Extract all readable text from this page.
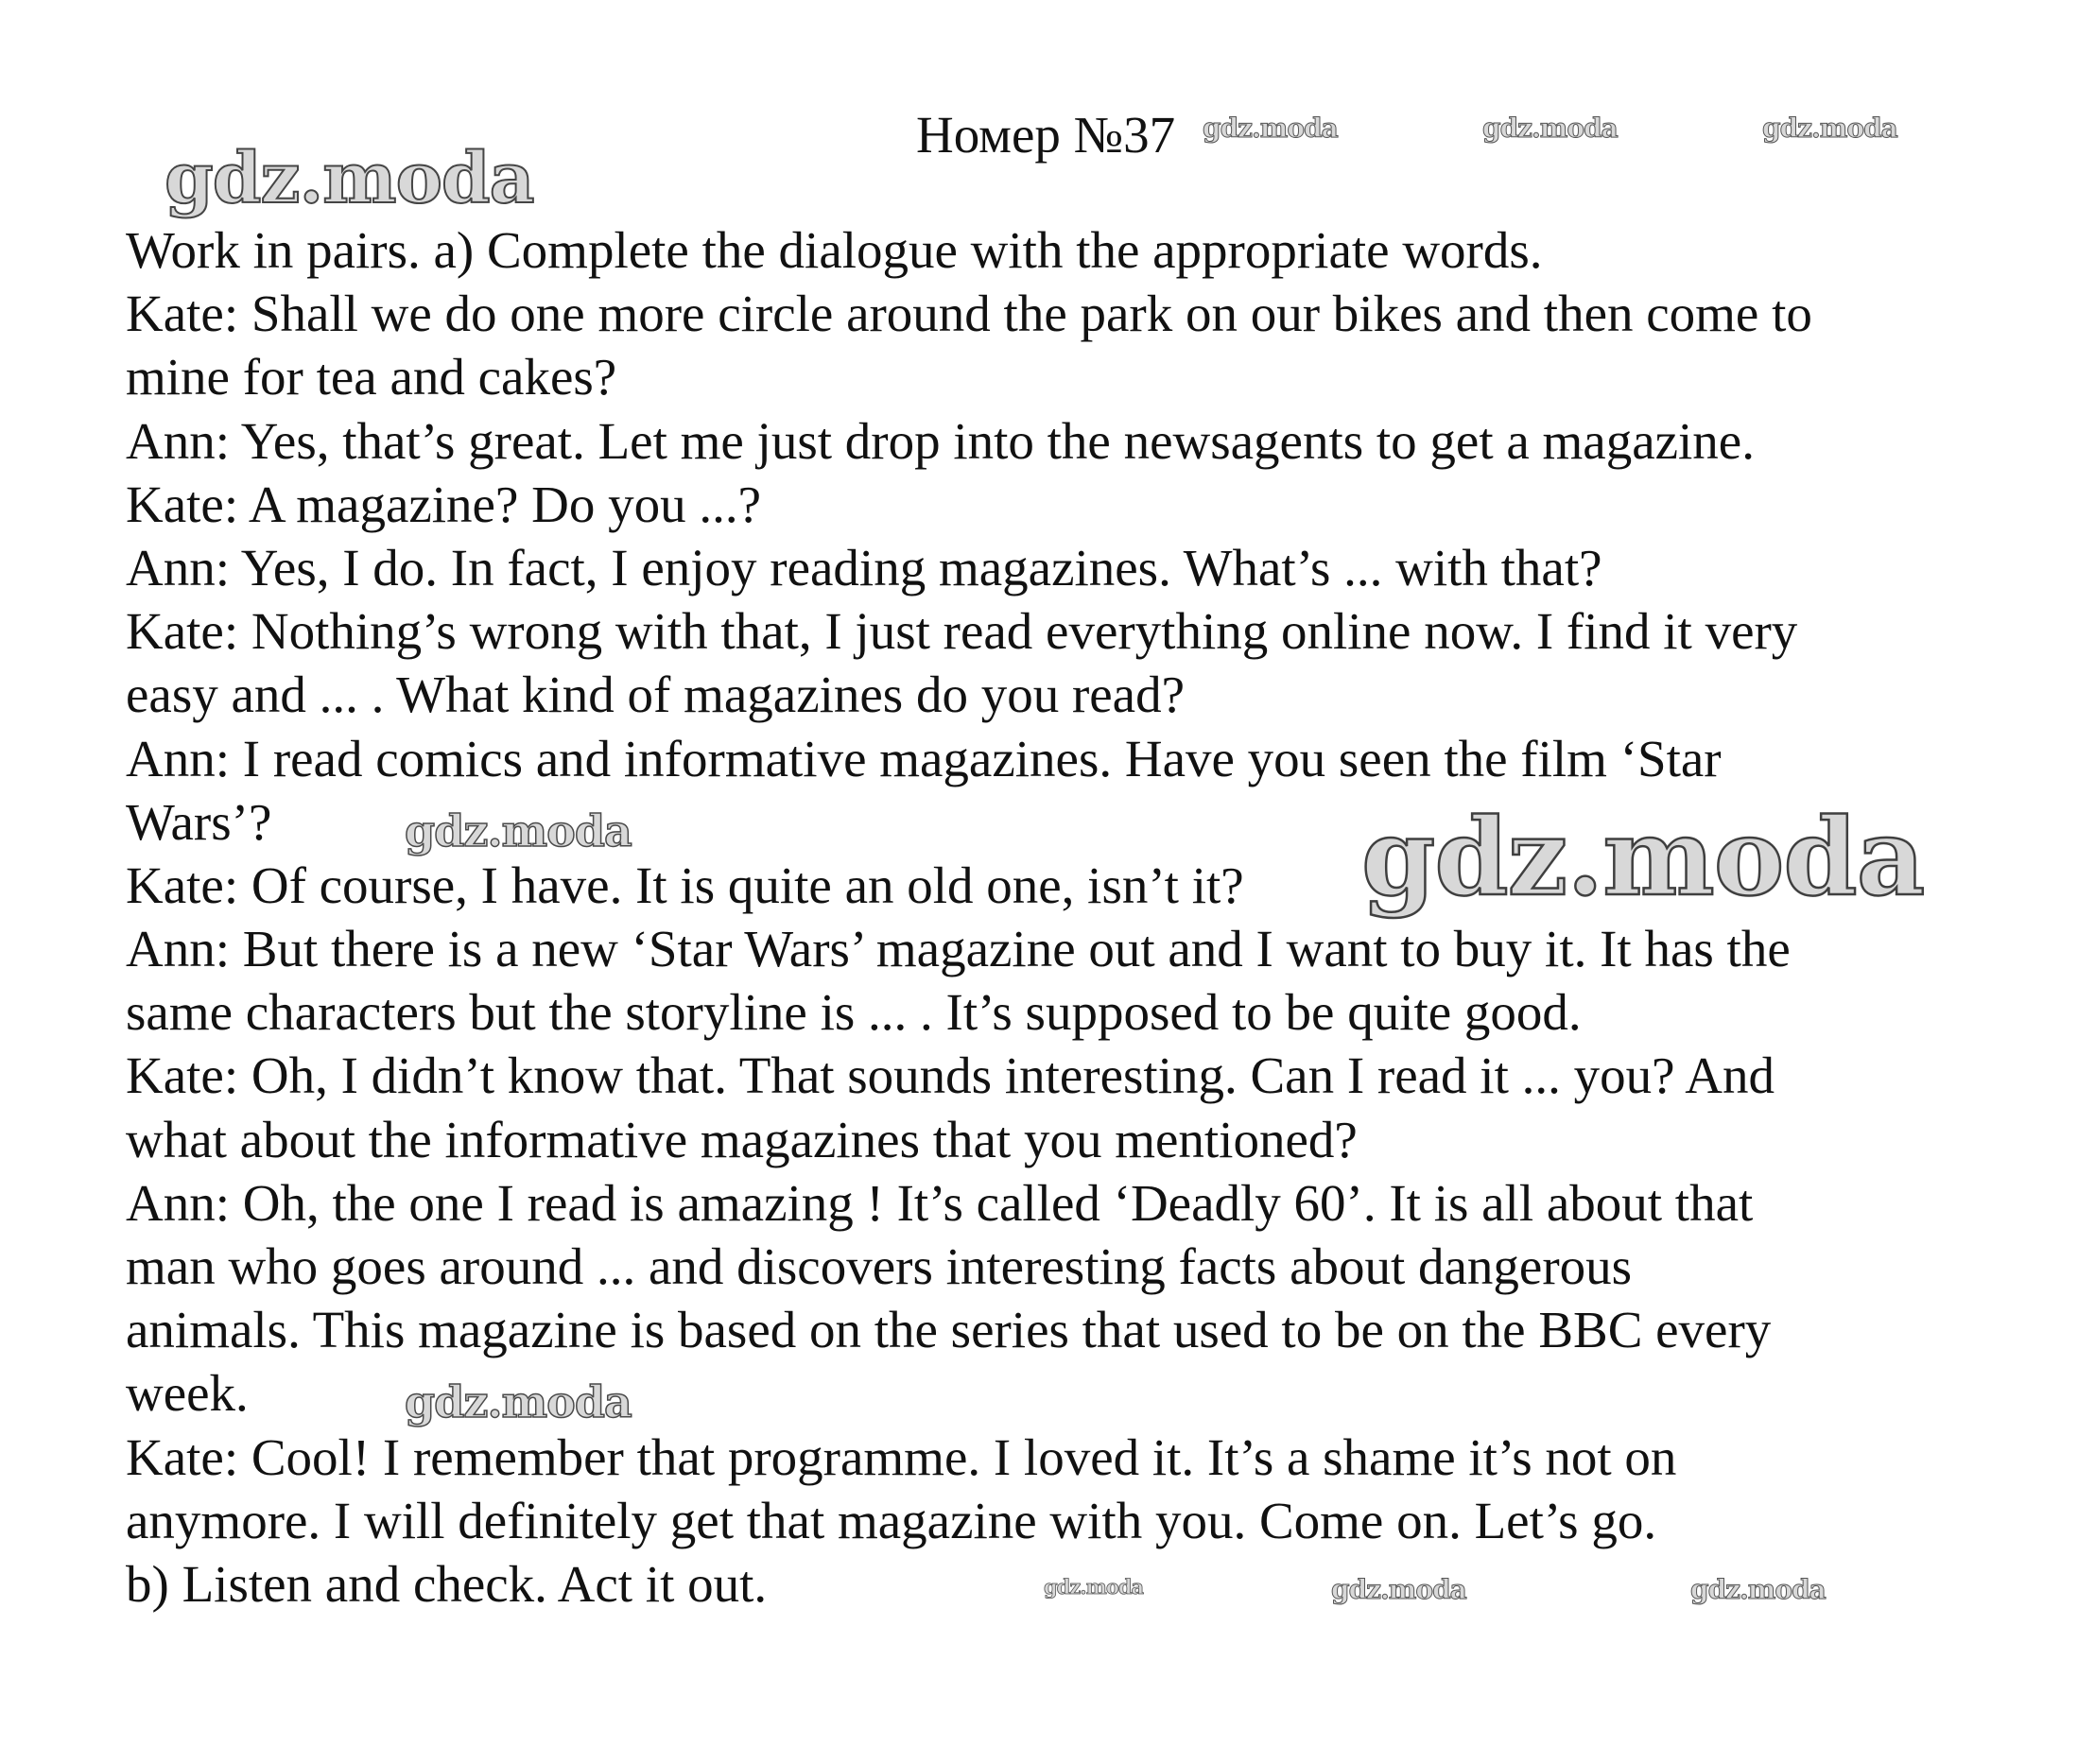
Номер №37
Work in pairs. a) Complete the dialogue with the appropriate words.
Kate: Shall we do one more circle around the park on our bikes and then come to
mine for tea and cakes?
Ann: Yes, that’s great. Let me just drop into the newsagents to get a magazine.
Kate: A magazine? Do you ...?
Ann: Yes, I do. In fact, I enjoy reading magazines. What’s ... with that?
Kate: Nothing’s wrong with that, I just read everything online now. I find it very
easy and ... . What kind of magazines do you read?
Ann: I read comics and informative magazines. Have you seen the film ‘Star
Wars’?
Kate: Of course, I have. It is quite an old one, isn’t it?
Ann: But there is a new ‘Star Wars’ magazine out and I want to buy it. It has the
same characters but the storyline is ... . It’s supposed to be quite good.
Kate: Oh, I didn’t know that. That sounds interesting. Can I read it ... you? And
what about the informative magazines that you mentioned?
Ann: Oh, the one I read is amazing ! It’s called ‘Deadly 60’. It is all about that
man who goes around ... and discovers interesting facts about dangerous
animals. This magazine is based on the series that used to be on the BBC every
week.
Kate: Cool! I remember that programme. I loved it. It’s a shame it’s not on
anymore. I will definitely get that magazine with you. Come on. Let’s go.
b) Listen and check. Act it out.
gdz.moda
gdz.moda	gdz.moda	gdz.moda
gdz.moda	gdz.moda
gdz.moda
gdz.moda	gdz.moda	gdz.moda
